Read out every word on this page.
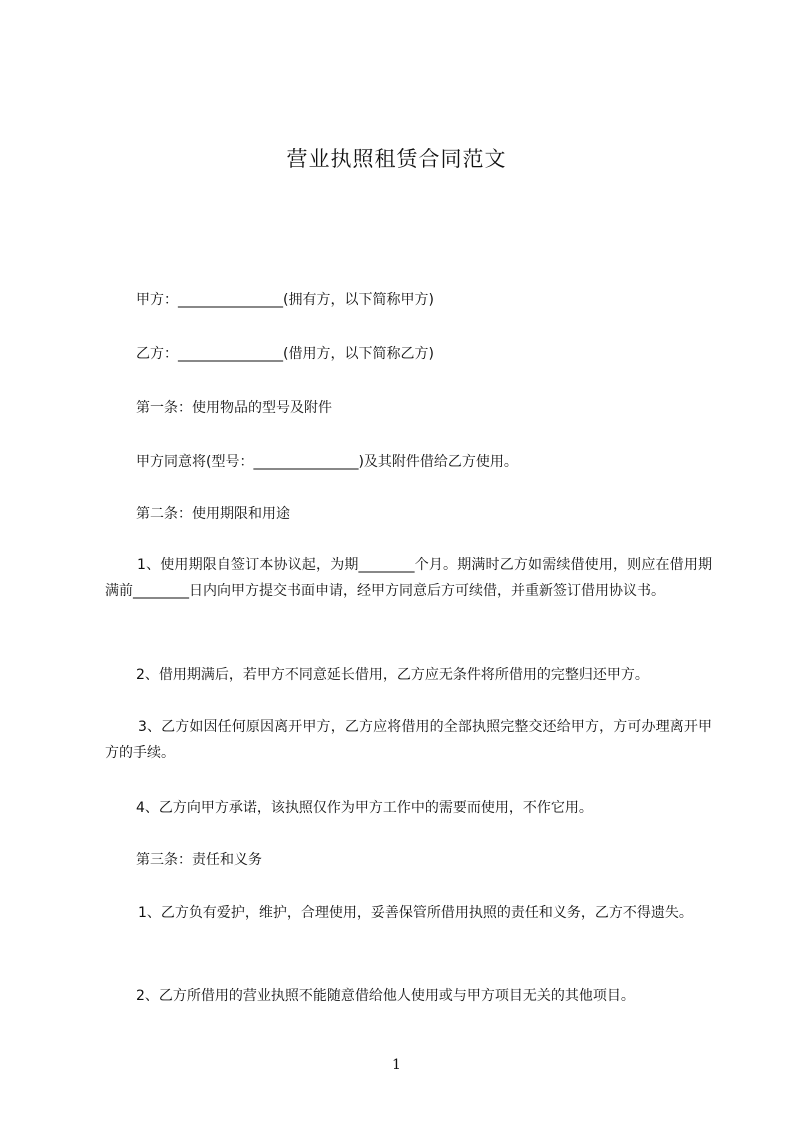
营业执照租赁合同范文

甲方：_______________(拥有方，以下简称甲方)

乙方：_______________(借用方，以下简称乙方)

第一条：使用物品的型号及附件

甲方同意将(型号：_______________)及其附件借给乙方使用。

第二条：使用期限和用途

1、使用期限自签订本协议起，为期________个月。期满时乙方如需续借使用，则应在借用期满前________日内向甲方提交书面申请，经甲方同意后方可续借，并重新签订借用协议书。

2、借用期满后，若甲方不同意延长借用，乙方应无条件将所借用的完整归还甲方。

3、乙方如因任何原因离开甲方，乙方应将借用的全部执照完整交还给甲方，方可办理离开甲方的手续。

4、乙方向甲方承诺，该执照仅作为甲方工作中的需要而使用，不作它用。

第三条：责任和义务

1、乙方负有爱护，维护，合理使用，妥善保管所借用执照的责任和义务，乙方不得遗失。

2、乙方所借用的营业执照不能随意借给他人使用或与甲方项目无关的其他项目。

1
